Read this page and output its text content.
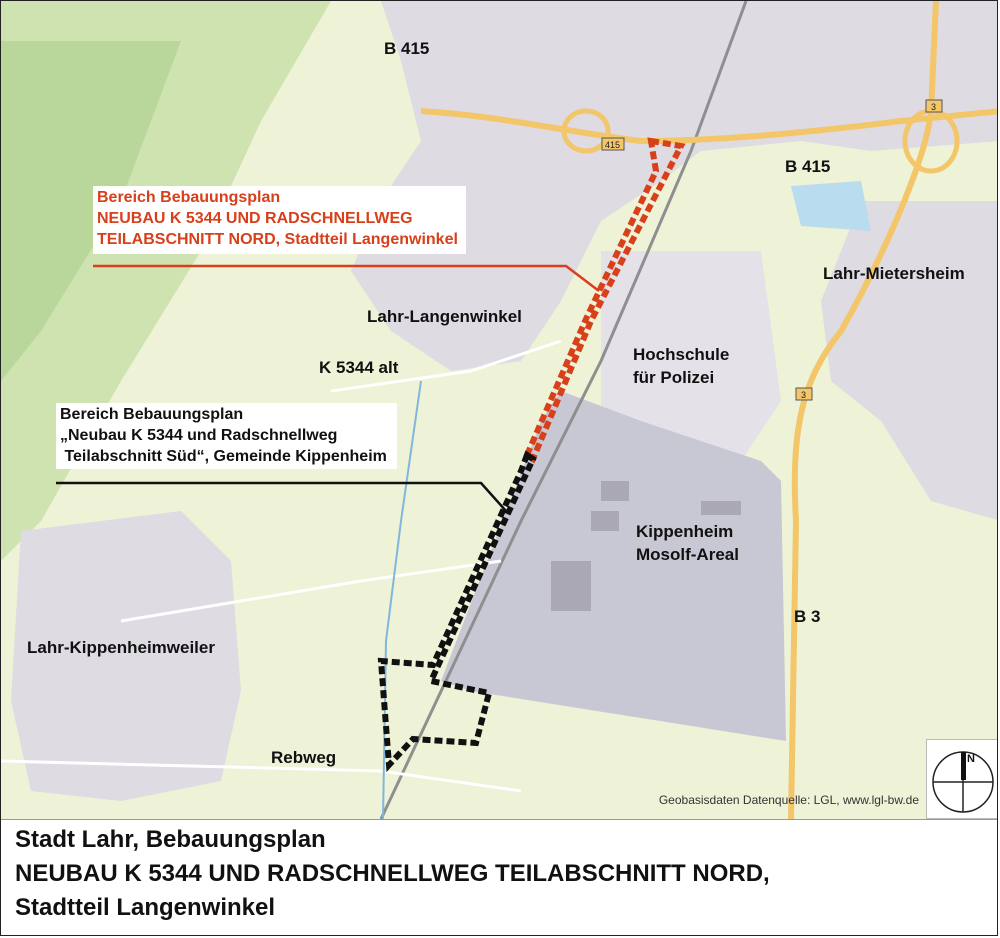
415
3
3
B 415
B 415
Lahr-Mietersheim
Lahr-Langenwinkel
K 5344 alt
Hochschule
für Polizei
Kippenheim
Mosolf-Areal
B 3
Lahr-Kippenheimweiler
Rebweg
Bereich Bebauungsplan
NEUBAU K 5344 UND RADSCHNELLWEG
TEILABSCHNITT NORD, Stadtteil Langenwinkel
Bereich Bebauungsplan
„Neubau K 5344 und Radschnellweg
Teilabschnitt Süd“, Gemeinde Kippenheim
Geobasisdaten Datenquelle: LGL, www.lgl-bw.de
N
Stadt Lahr, Bebauungsplan
NEUBAU K 5344 UND RADSCHNELLWEG TEILABSCHNITT NORD,
Stadtteil Langenwinkel
